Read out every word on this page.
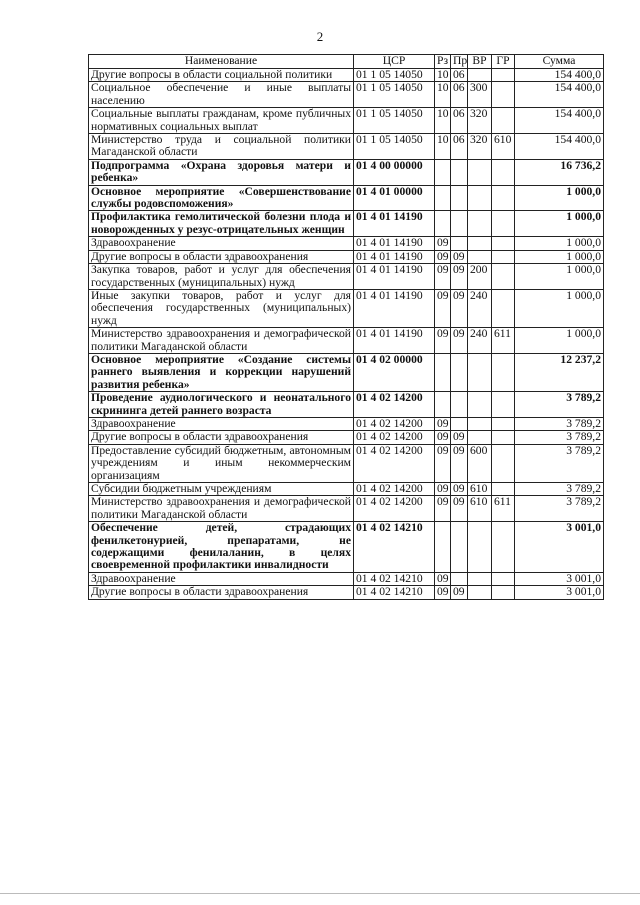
2
Наименование	ЦСР	Рз	Пр	ВР	ГР	Сумма
Другие вопросы в области социальной политики	01 1 05 14050	10	06			154 400,0
Социальное обеспечение и иные выплаты населению	01 1 05 14050	10	06	300		154 400,0
Социальные выплаты гражданам, кроме публичных нормативных социальных выплат	01 1 05 14050	10	06	320		154 400,0
Министерство труда и социальной политики Магаданской области	01 1 05 14050	10	06	320	610	154 400,0
Подпрограмма «Охрана здоровья матери и ребенка»	01 4 00 00000					16 736,2
Основное мероприятие «Совершенствование службы родовспоможения»	01 4 01 00000					1 000,0
Профилактика гемолитической болезни плода и новорожденных у резус-отрицательных женщин	01 4 01 14190					1 000,0
Здравоохранение	01 4 01 14190	09				1 000,0
Другие вопросы в области здравоохранения	01 4 01 14190	09	09			1 000,0
Закупка товаров, работ и услуг для обеспечения государственных (муниципальных) нужд	01 4 01 14190	09	09	200		1 000,0
Иные закупки товаров, работ и услуг для обеспечения государственных (муниципальных) нужд	01 4 01 14190	09	09	240		1 000,0
Министерство здравоохранения и демографической политики Магаданской области	01 4 01 14190	09	09	240	611	1 000,0
Основное мероприятие «Создание системы раннего выявления и коррекции нарушений развития ребенка»	01 4 02 00000					12 237,2
Проведение аудиологического и неонатального скрининга детей раннего возраста	01 4 02 14200					3 789,2
Здравоохранение	01 4 02 14200	09				3 789,2
Другие вопросы в области здравоохранения	01 4 02 14200	09	09			3 789,2
Предоставление субсидий бюджетным, автономным учреждениям и иным некоммерческим организациям	01 4 02 14200	09	09	600		3 789,2
Субсидии бюджетным учреждениям	01 4 02 14200	09	09	610		3 789,2
Министерство здравоохранения и демографической политики Магаданской области	01 4 02 14200	09	09	610	611	3 789,2
Обеспечение детей, страдающих фенилкетонурией, препаратами, не содержащими фенилаланин, в целях своевременной профилактики инвалидности	01 4 02 14210					3 001,0
Здравоохранение	01 4 02 14210	09				3 001,0
Другие вопросы в области здравоохранения	01 4 02 14210	09	09			3 001,0
